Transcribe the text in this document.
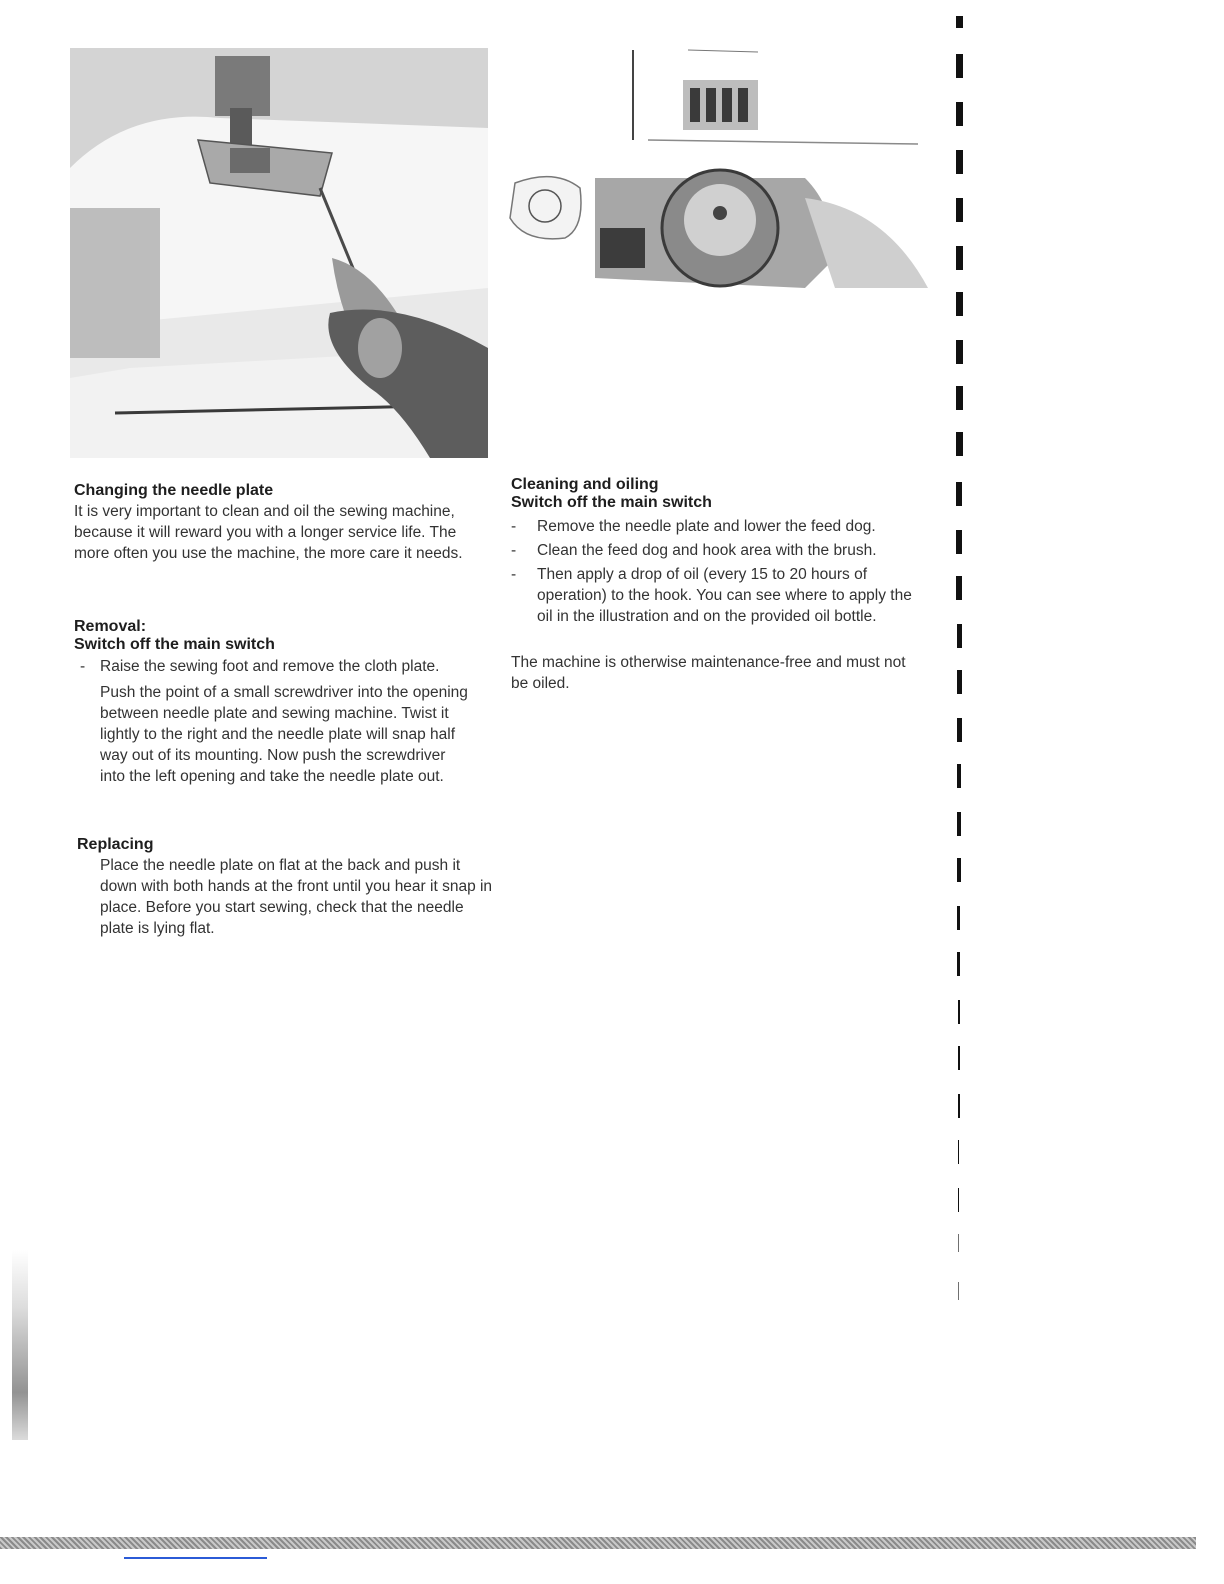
Changing the needle plate

It is very important to clean and oil the sewing machine, because it will reward you with a longer service life. The more often you use the machine, the more care it needs.

Removal:
Switch off the main switch
- Raise the sewing foot and remove the cloth plate.

Push the point of a small screwdriver into the opening between needle plate and sewing machine. Twist it lightly to the right and the needle plate will snap half way out of its mounting. Now push the screwdriver into the left opening and take the needle plate out.

Replacing

Place the needle plate on flat at the back and push it down with both hands at the front until you hear it snap in place. Before you start sewing, check that the needle plate is lying flat.

Cleaning and oiling
Switch off the main switch
- Remove the needle plate and lower the feed dog.
- Clean the feed dog and hook area with the brush.
- Then apply a drop of oil (every 15 to 20 hours of operation) to the hook. You can see where to apply the oil in the illustration and on the provided oil bottle.

The machine is otherwise maintenance-free and must not be oiled.
